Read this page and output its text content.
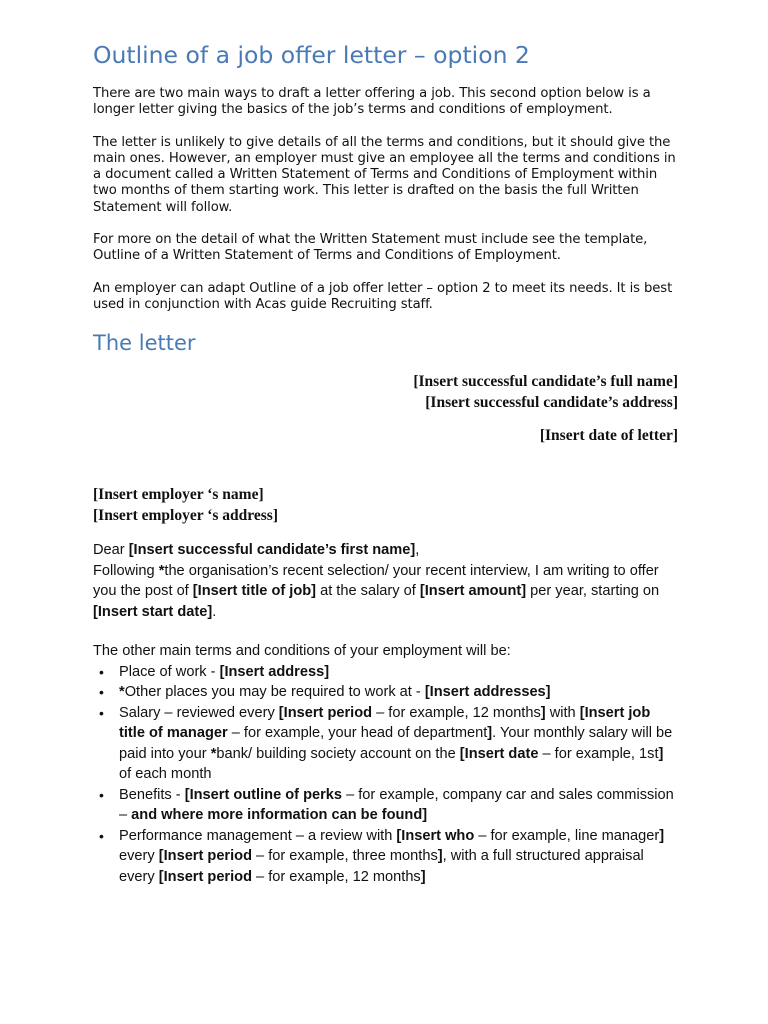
Outline of a job offer letter – option 2

There are two main ways to draft a letter offering a job. This second option below is a longer letter giving the basics of the job’s terms and conditions of employment.

The letter is unlikely to give details of all the terms and conditions, but it should give the main ones. However, an employer must give an employee all the terms and conditions in a document called a Written Statement of Terms and Conditions of Employment within two months of them starting work. This letter is drafted on the basis the full Written Statement will follow.

For more on the detail of what the Written Statement must include see the template, Outline of a Written Statement of Terms and Conditions of Employment.

An employer can adapt Outline of a job offer letter – option 2 to meet its needs. It is best used in conjunction with Acas guide Recruiting staff.

The letter
[Insert successful candidate’s full name]
[Insert successful candidate’s address]
[Insert date of letter]
[Insert employer ‘s name]
[Insert employer ‘s address]

Dear [Insert successful candidate’s first name],

Following *the organisation’s recent selection/ your recent interview, I am writing to offer you the post of [Insert title of job] at the salary of [Insert amount] per year, starting on [Insert start date].

The other main terms and conditions of your employment will be:

• Place of work - [Insert address]
• *Other places you may be required to work at - [Insert addresses]
• Salary – reviewed every [Insert period – for example, 12 months] with [Insert job title of manager – for example, your head of department]. Your monthly salary will be paid into your *bank/ building society account on the [Insert date – for example, 1st] of each month
• Benefits - [Insert outline of perks – for example, company car and sales commission – and where more information can be found]
• Performance management – a review with [Insert who – for example, line manager] every [Insert period – for example, three months], with a full structured appraisal every [Insert period – for example, 12 months]
